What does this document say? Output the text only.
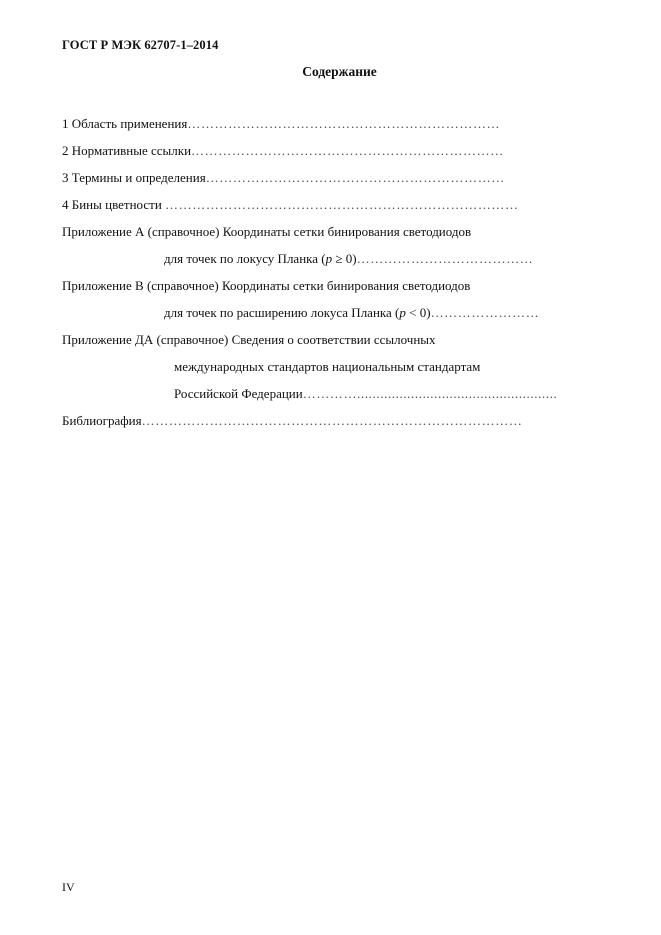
ГОСТ Р МЭК 62707-1–2014
Содержание
1 Область применения……………………………………………………………
2 Нормативные ссылки……………………………………………………………
3 Термины и определения…………………………………………………………
4 Бины цветности ……………………………………………………………………
Приложение А (справочное) Координаты сетки бинирования светодиодов
для точек по локусу Планка (p ≥ 0)…………………………………
Приложение В (справочное) Координаты сетки бинирования светодиодов
для точек по расширению локуса Планка (p < 0)……………………
Приложение ДА (справочное) Сведения о соответствии ссылочных
международных стандартов национальным стандартам
Российской Федерации…………....................................................
Библиография…………………………………………………………………………
IV
